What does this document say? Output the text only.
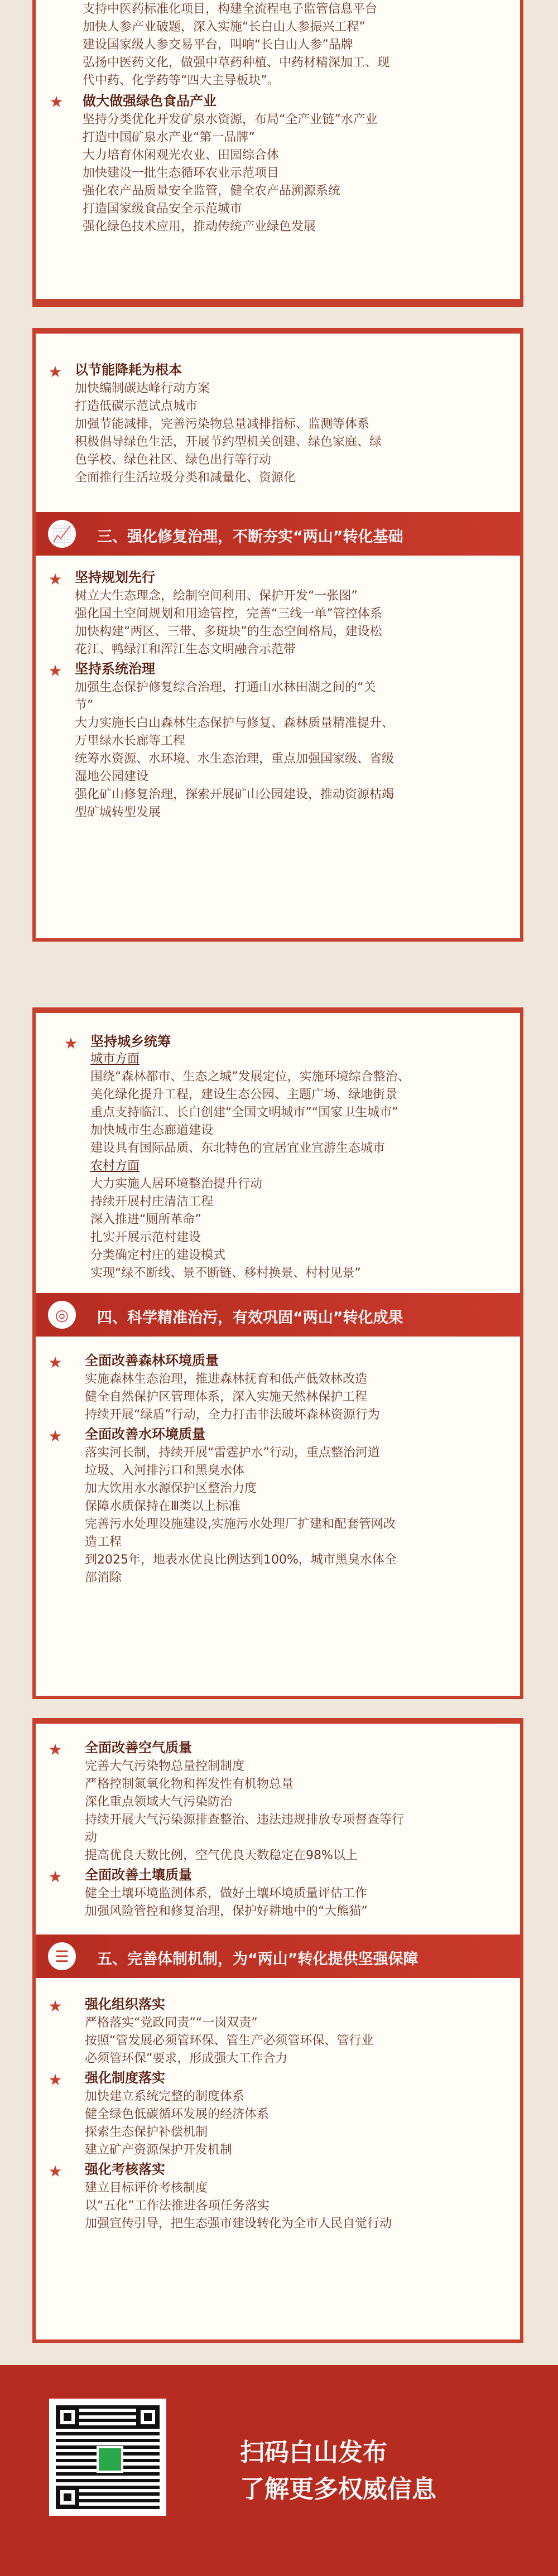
支持中医药标准化项目，构建全流程电子监管信息平台
加快人参产业破题，深入实施“长白山人参振兴工程”
建设国家级人参交易平台，叫响“长白山人参”品牌
弘扬中医药文化，做强中草药种植、中药材精深加工、现
代中药、化学药等“四大主导板块”。
★ 做大做强绿色食品产业
坚持分类优化开发矿泉水资源，布局“全产业链”水产业
打造中国矿泉水产业“第一品牌”
大力培育休闲观光农业、田园综合体
加快建设一批生态循环农业示范项目
强化农产品质量安全监管，健全农产品溯源系统
打造国家级食品安全示范城市
强化绿色技术应用，推动传统产业绿色发展
★ 以节能降耗为根本
加快编制碳达峰行动方案
打造低碳示范试点城市
加强节能减排，完善污染物总量减排指标、监测等体系
积极倡导绿色生活，开展节约型机关创建、绿色家庭、绿
色学校、绿色社区、绿色出行等行动
全面推行生活垃圾分类和减量化、资源化
📈 三、强化修复治理，不断夯实“两山”转化基础
★ 坚持规划先行
树立大生态理念，绘制空间利用、保护开发“一张图”
强化国土空间规划和用途管控，完善“三线一单”管控体系
加快构建“两区、三带、多斑块”的生态空间格局，建设松
花江、鸭绿江和浑江生态文明融合示范带
★ 坚持系统治理
加强生态保护修复综合治理，打通山水林田湖之间的“关
节”
大力实施长白山森林生态保护与修复、森林质量精准提升、
万里绿水长廊等工程
统筹水资源、水环境、水生态治理，重点加强国家级、省级
湿地公园建设
强化矿山修复治理，探索开展矿山公园建设，推动资源枯竭
型矿城转型发展
★ 坚持城乡统筹
城市方面
围绕“森林都市、生态之城”发展定位，实施环境综合整治、
美化绿化提升工程，建设生态公园、主题广场、绿地街景
重点支持临江、长白创建“全国文明城市”“国家卫生城市”
加快城市生态廊道建设
建设具有国际品质、东北特色的宜居宜业宜游生态城市
农村方面
大力实施人居环境整治提升行动
持续开展村庄清洁工程
深入推进“厕所革命”
扎实开展示范村建设
分类确定村庄的建设模式
实现“绿不断线、景不断链、移村换景、村村见景”
◎	四、科学精准治污，有效巩固“两山”转化成果
★ 全面改善森林环境质量
实施森林生态治理，推进森林抚育和低产低效林改造
健全自然保护区管理体系，深入实施天然林保护工程
持续开展“绿盾”行动，全力打击非法破坏森林资源行为
★ 全面改善水环境质量
落实河长制，持续开展“雷霆护水”行动，重点整治河道
垃圾、入河排污口和黑臭水体
加大饮用水水源保护区整治力度
保障水质保持在Ⅲ类以上标准
完善污水处理设施建设,实施污水处理厂扩建和配套管网改
造工程
到2025年，地表水优良比例达到100%，城市黑臭水体全
部消除
★ 全面改善空气质量
完善大气污染物总量控制制度
严格控制氮氧化物和挥发性有机物总量
深化重点领域大气污染防治
持续开展大气污染源排查整治、违法违规排放专项督查等行
动
提高优良天数比例，空气优良天数稳定在98%以上
★ 全面改善土壤质量
健全土壤环境监测体系，做好土壤环境质量评估工作
加强风险管控和修复治理，保护好耕地中的“大熊猫”
☰	五、完善体制机制，为“两山”转化提供坚强保障
★ 强化组织落实
严格落实“党政同责”“一岗双责”
按照“管发展必须管环保、管生产必须管环保、管行业
必须管环保”要求，形成强大工作合力
★ 强化制度落实
加快建立系统完整的制度体系
健全绿色低碳循环发展的经济体系
探索生态保护补偿机制
建立矿产资源保护开发机制
★ 强化考核落实
建立目标评价考核制度
以“五化”工作法推进各项任务落实
加强宣传引导，把生态强市建设转化为全市人民自觉行动
扫码白山发布
了解更多权威信息
